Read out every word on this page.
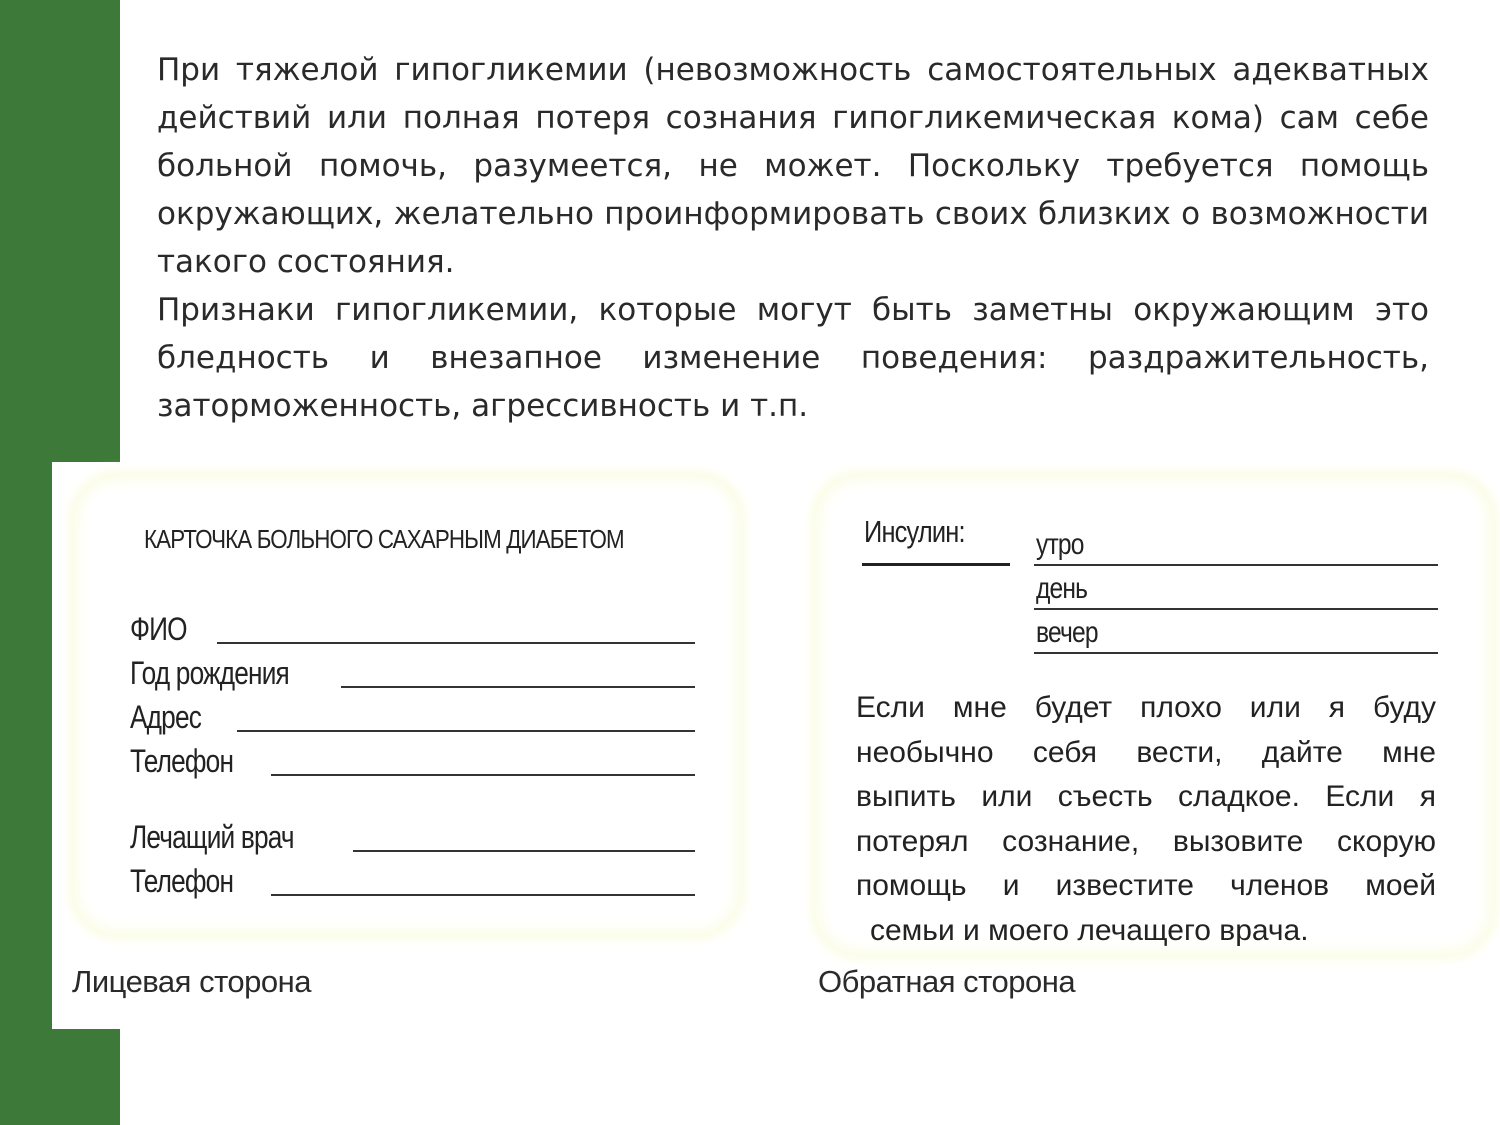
При тяжелой гипогликемии (невозможность самостоятельных адекватных действий или полная потеря сознания гипогликемическая кома) сам себе больной помочь, разумеется, не может. Поскольку требуется помощь окружающих, желательно проинформировать своих близких о возможности такого состояния.

Признаки гипогликемии, которые могут быть заметны окружающим это бледность и внезапное изменение поведения: раздражительность, заторможенность, агрессивность и т.п.

КАРТОЧКА БОЛЬНОГО САХАРНЫМ ДИАБЕТОМ
ФИО
Год рождения
Адрес
Телефон
Лечащий врач
Телефон
Инсулин: утро
день
вечер
Если мне будет плохо или я буду
необычно себя вести, дайте мне
выпить или съесть сладкое. Если я
потерял сознание, вызовите скорую
помощь и известите членов моей
семьи и моего лечащего врача.
Лицевая сторона	Обратная сторона
